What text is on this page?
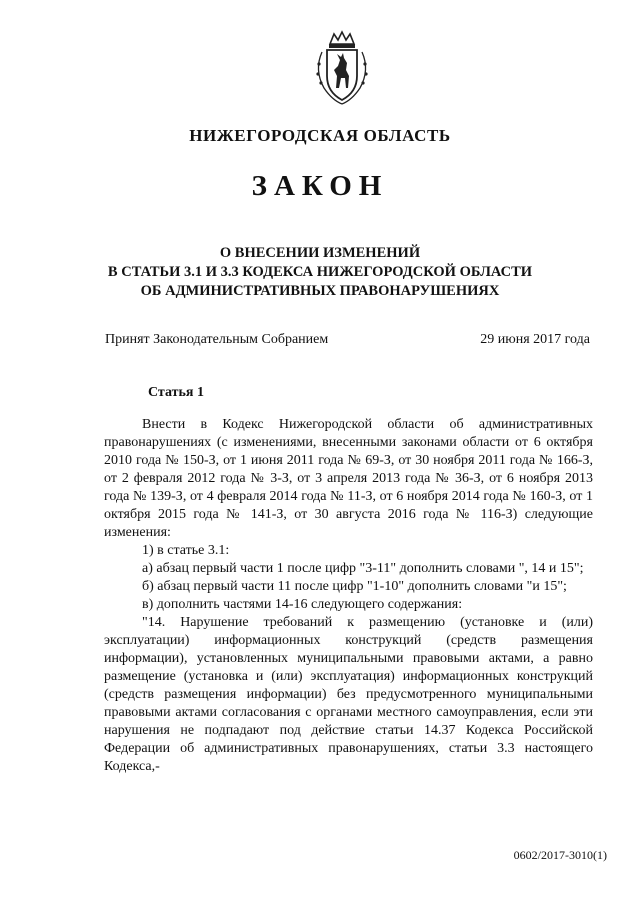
НИЖЕГОРОДСКАЯ ОБЛАСТЬ
ЗАКОН
О ВНЕСЕНИИ ИЗМЕНЕНИЙ
В СТАТЬИ 3.1 И 3.3 КОДЕКСА НИЖЕГОРОДСКОЙ ОБЛАСТИ
ОБ АДМИНИСТРАТИВНЫХ ПРАВОНАРУШЕНИЯХ
Принят Законодательным Собранием	29 июня 2017 года
Статья 1

Внести в Кодекс Нижегородской области об административных правонарушениях (с изменениями, внесенными законами области от 6 октября 2010 года № 150-З, от 1 июня 2011 года № 69-З, от 30 ноября 2011 года № 166-З, от 2 февраля 2012 года № 3-З, от 3 апреля 2013 года № 36-З, от 6 ноября 2013 года № 139-З, от 4 февраля 2014 года № 11-З, от 6 ноября 2014 года № 160-З, от 1 октября 2015 года № 141-З, от 30 августа 2016 года № 116-З) следующие изменения:

1) в статье 3.1:

а) абзац первый части 1 после цифр "3-11" дополнить словами ", 14 и 15";

б) абзац первый части 11 после цифр "1-10" дополнить словами "и 15";

в) дополнить частями 14-16 следующего содержания:

"14. Нарушение требований к размещению (установке и (или) эксплуатации) информационных конструкций (средств размещения информации), установленных муниципальными правовыми актами, а равно размещение (установка и (или) эксплуатация) информационных конструкций (средств размещения информации) без предусмотренного муниципальными правовыми актами согласования с органами местного самоуправления, если эти нарушения не подпадают под действие статьи 14.37 Кодекса Российской Федерации об административных правонарушениях, статьи 3.3 настоящего Кодекса,-

0602/2017-3010(1)
